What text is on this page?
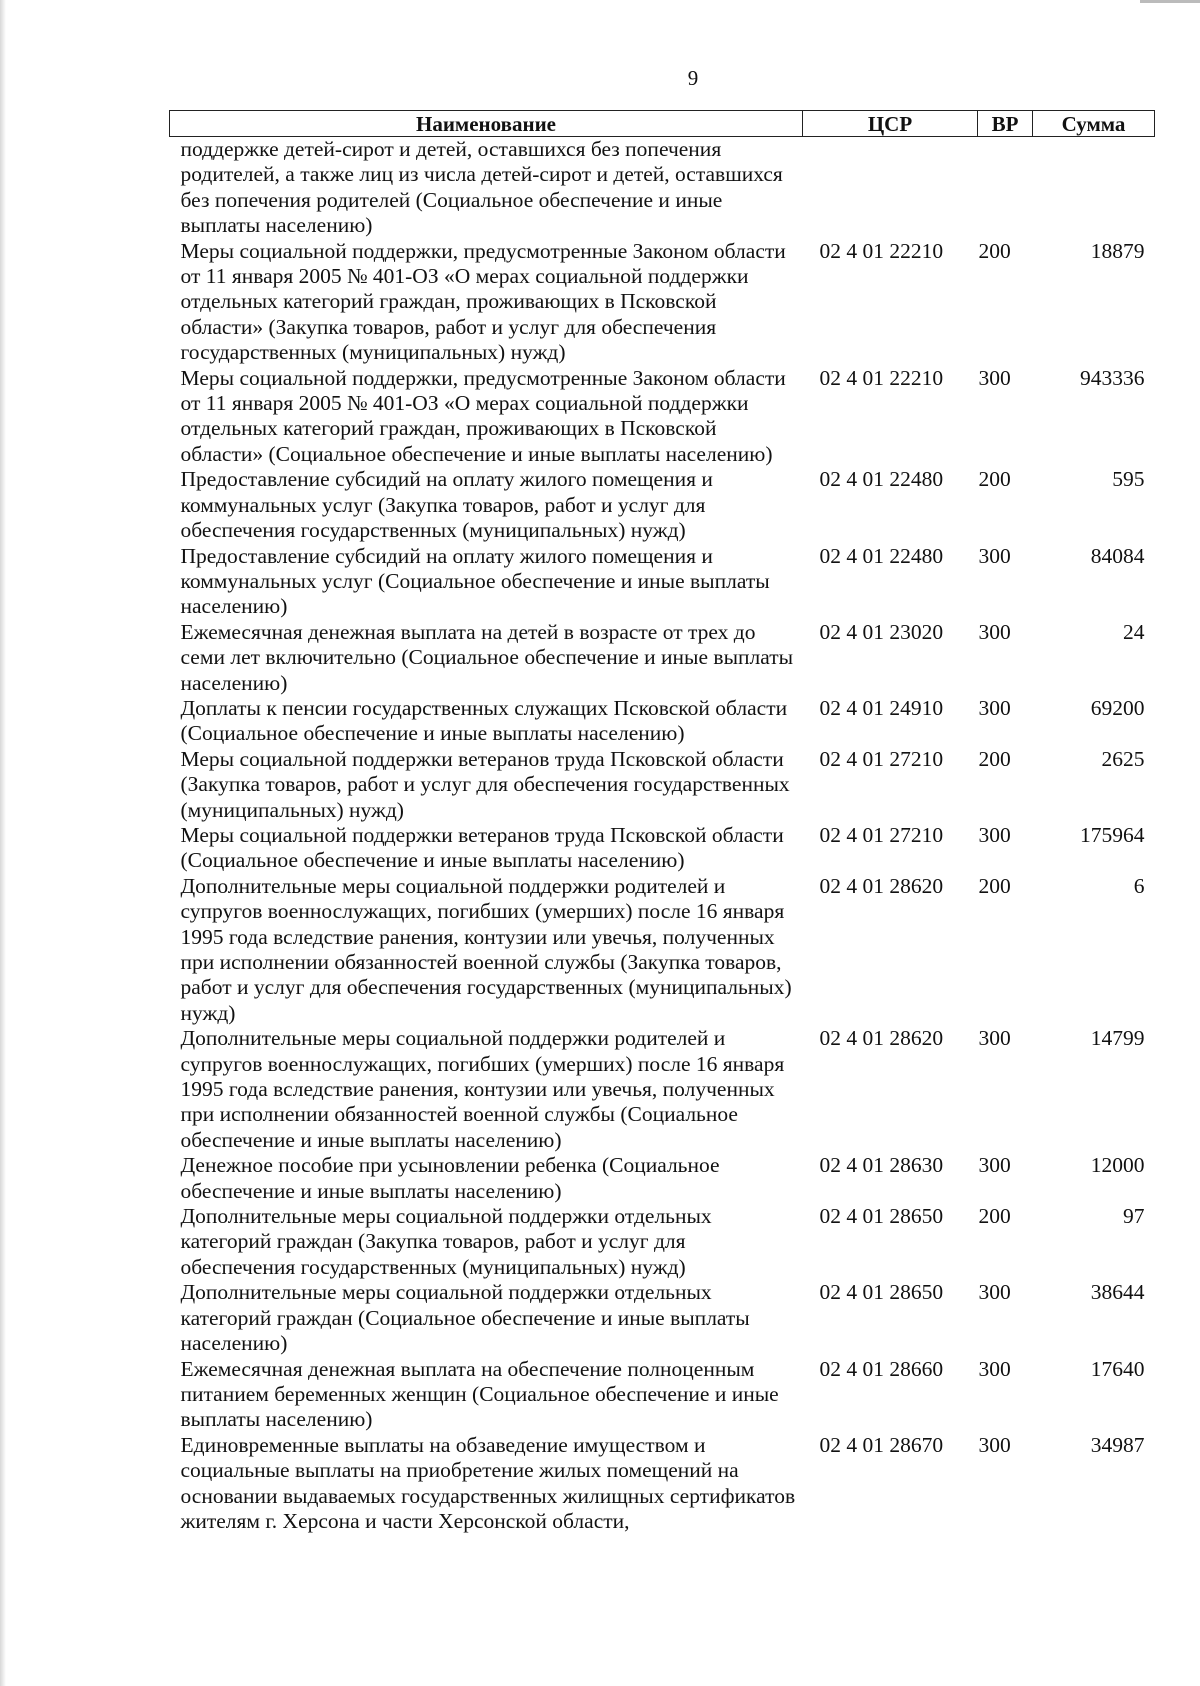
9
Наименование	ЦСР	ВР	Сумма
поддержке детей-сирот и детей, оставшихся без попечения родителей, а также лиц из числа детей-сирот и детей, оставшихся без попечения родителей (Социальное обеспечение и иные выплаты населению)			
Меры социальной поддержки, предусмотренные Законом области от 11 января 2005 № 401-ОЗ «О мерах социальной поддержки отдельных категорий граждан, проживающих в Псковской области» (Закупка товаров, работ и услуг для обеспечения государственных (муниципальных) нужд)	02 4 01 22210	200	18879
Меры социальной поддержки, предусмотренные Законом области от 11 января 2005 № 401-ОЗ «О мерах социальной поддержки отдельных категорий граждан, проживающих в Псковской области» (Социальное обеспечение и иные выплаты населению)	02 4 01 22210	300	943336
Предоставление субсидий на оплату жилого помещения и коммунальных услуг (Закупка товаров, работ и услуг для обеспечения государственных (муниципальных) нужд)	02 4 01 22480	200	595
Предоставление субсидий на оплату жилого помещения и коммунальных услуг (Социальное обеспечение и иные выплаты населению)	02 4 01 22480	300	84084
Ежемесячная денежная выплата на детей в возрасте от трех до семи лет включительно (Социальное обеспечение и иные выплаты населению)	02 4 01 23020	300	24
Доплаты к пенсии государственных служащих Псковской области (Социальное обеспечение и иные выплаты населению)	02 4 01 24910	300	69200
Меры социальной поддержки ветеранов труда Псковской области (Закупка товаров, работ и услуг для обеспечения государственных (муниципальных) нужд)	02 4 01 27210	200	2625
Меры социальной поддержки ветеранов труда Псковской области (Социальное обеспечение и иные выплаты населению)	02 4 01 27210	300	175964
Дополнительные меры социальной поддержки родителей и супругов военнослужащих, погибших (умерших) после 16 января 1995 года вследствие ранения, контузии или увечья, полученных при исполнении обязанностей военной службы (Закупка товаров, работ и услуг для обеспечения государственных (муниципальных) нужд)	02 4 01 28620	200	6
Дополнительные меры социальной поддержки родителей и супругов военнослужащих, погибших (умерших) после 16 января 1995 года вследствие ранения, контузии или увечья, полученных при исполнении обязанностей военной службы (Социальное обеспечение и иные выплаты населению)	02 4 01 28620	300	14799
Денежное пособие при усыновлении ребенка (Социальное обеспечение и иные выплаты населению)	02 4 01 28630	300	12000
Дополнительные меры социальной поддержки отдельных категорий граждан (Закупка товаров, работ и услуг для обеспечения государственных (муниципальных) нужд)	02 4 01 28650	200	97
Дополнительные меры социальной поддержки отдельных категорий граждан (Социальное обеспечение и иные выплаты населению)	02 4 01 28650	300	38644
Ежемесячная денежная выплата на обеспечение полноценным питанием беременных женщин (Социальное обеспечение и иные выплаты населению)	02 4 01 28660	300	17640
Единовременные выплаты на обзаведение имуществом и социальные выплаты на приобретение жилых помещений на основании выдаваемых государственных жилищных сертификатов жителям г. Херсона и части Херсонской области,	02 4 01 28670	300	34987
